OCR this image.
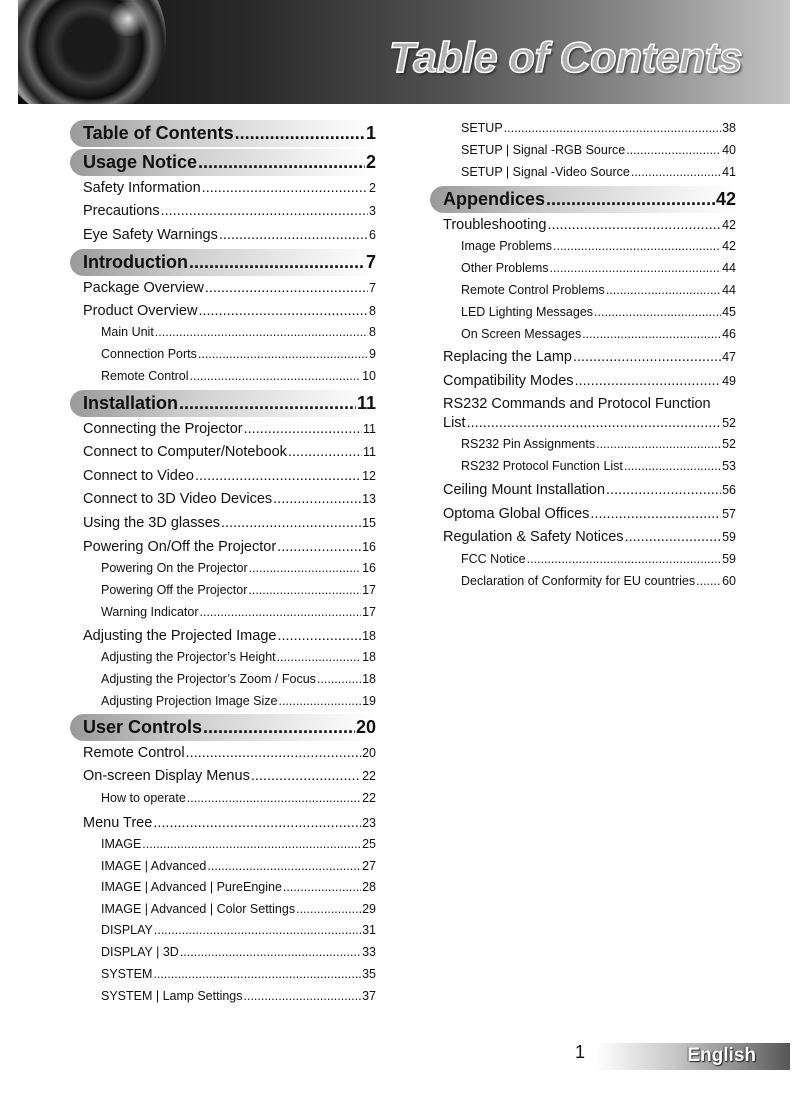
Table of Contents
Table of Contents .....	1
Usage Notice .....	2
Safety Information .....	2
Precautions .....	3
Eye Safety Warnings .....	6
Introduction .....	7
Package Overview .....	7
Product Overview .....	8
Main Unit .....	8
Connection Ports .....	9
Remote Control .....	10
Installation .....	11
Connecting the Projector .....	11
Connect to Computer/Notebook .....	11
Connect to Video .....	12
Connect to 3D Video Devices .....	13
Using the 3D glasses .....	15
Powering On/Off the Projector .....	16
Powering On the Projector .....	16
Powering Off the Projector .....	17
Warning Indicator .....	17
Adjusting the Projected Image .....	18
Adjusting the Projector’s Height .....	18
Adjusting the Projector’s Zoom / Focus .....	18
Adjusting Projection Image Size .....	19
User Controls .....	20
Remote Control .....	20
On-screen Display Menus .....	22
How to operate .....	22
Menu Tree .....	23
IMAGE .....	25
IMAGE | Advanced .....	27
IMAGE | Advanced | PureEngine .....	28
IMAGE | Advanced | Color Settings .....	29
DISPLAY .....	31
DISPLAY | 3D .....	33
SYSTEM .....	35
SYSTEM | Lamp Settings .....	37
SETUP .....	38
SETUP | Signal -RGB Source .....	40
SETUP | Signal -Video Source .....	41
Appendices .....	42
Troubleshooting .....	42
Image Problems .....	42
Other Problems .....	44
Remote Control Problems .....	44
LED Lighting Messages .....	45
On Screen Messages .....	46
Replacing the Lamp .....	47
Compatibility Modes .....	49
RS232 Commands and Protocol Function
List .....	52
RS232 Pin Assignments .....	52
RS232 Protocol Function List .....	53
Ceiling Mount Installation .....	56
Optoma Global Offices .....	57
Regulation & Safety Notices .....	59
FCC Notice .....	59
Declaration of Conformity for EU countries ..... 60
1	English
